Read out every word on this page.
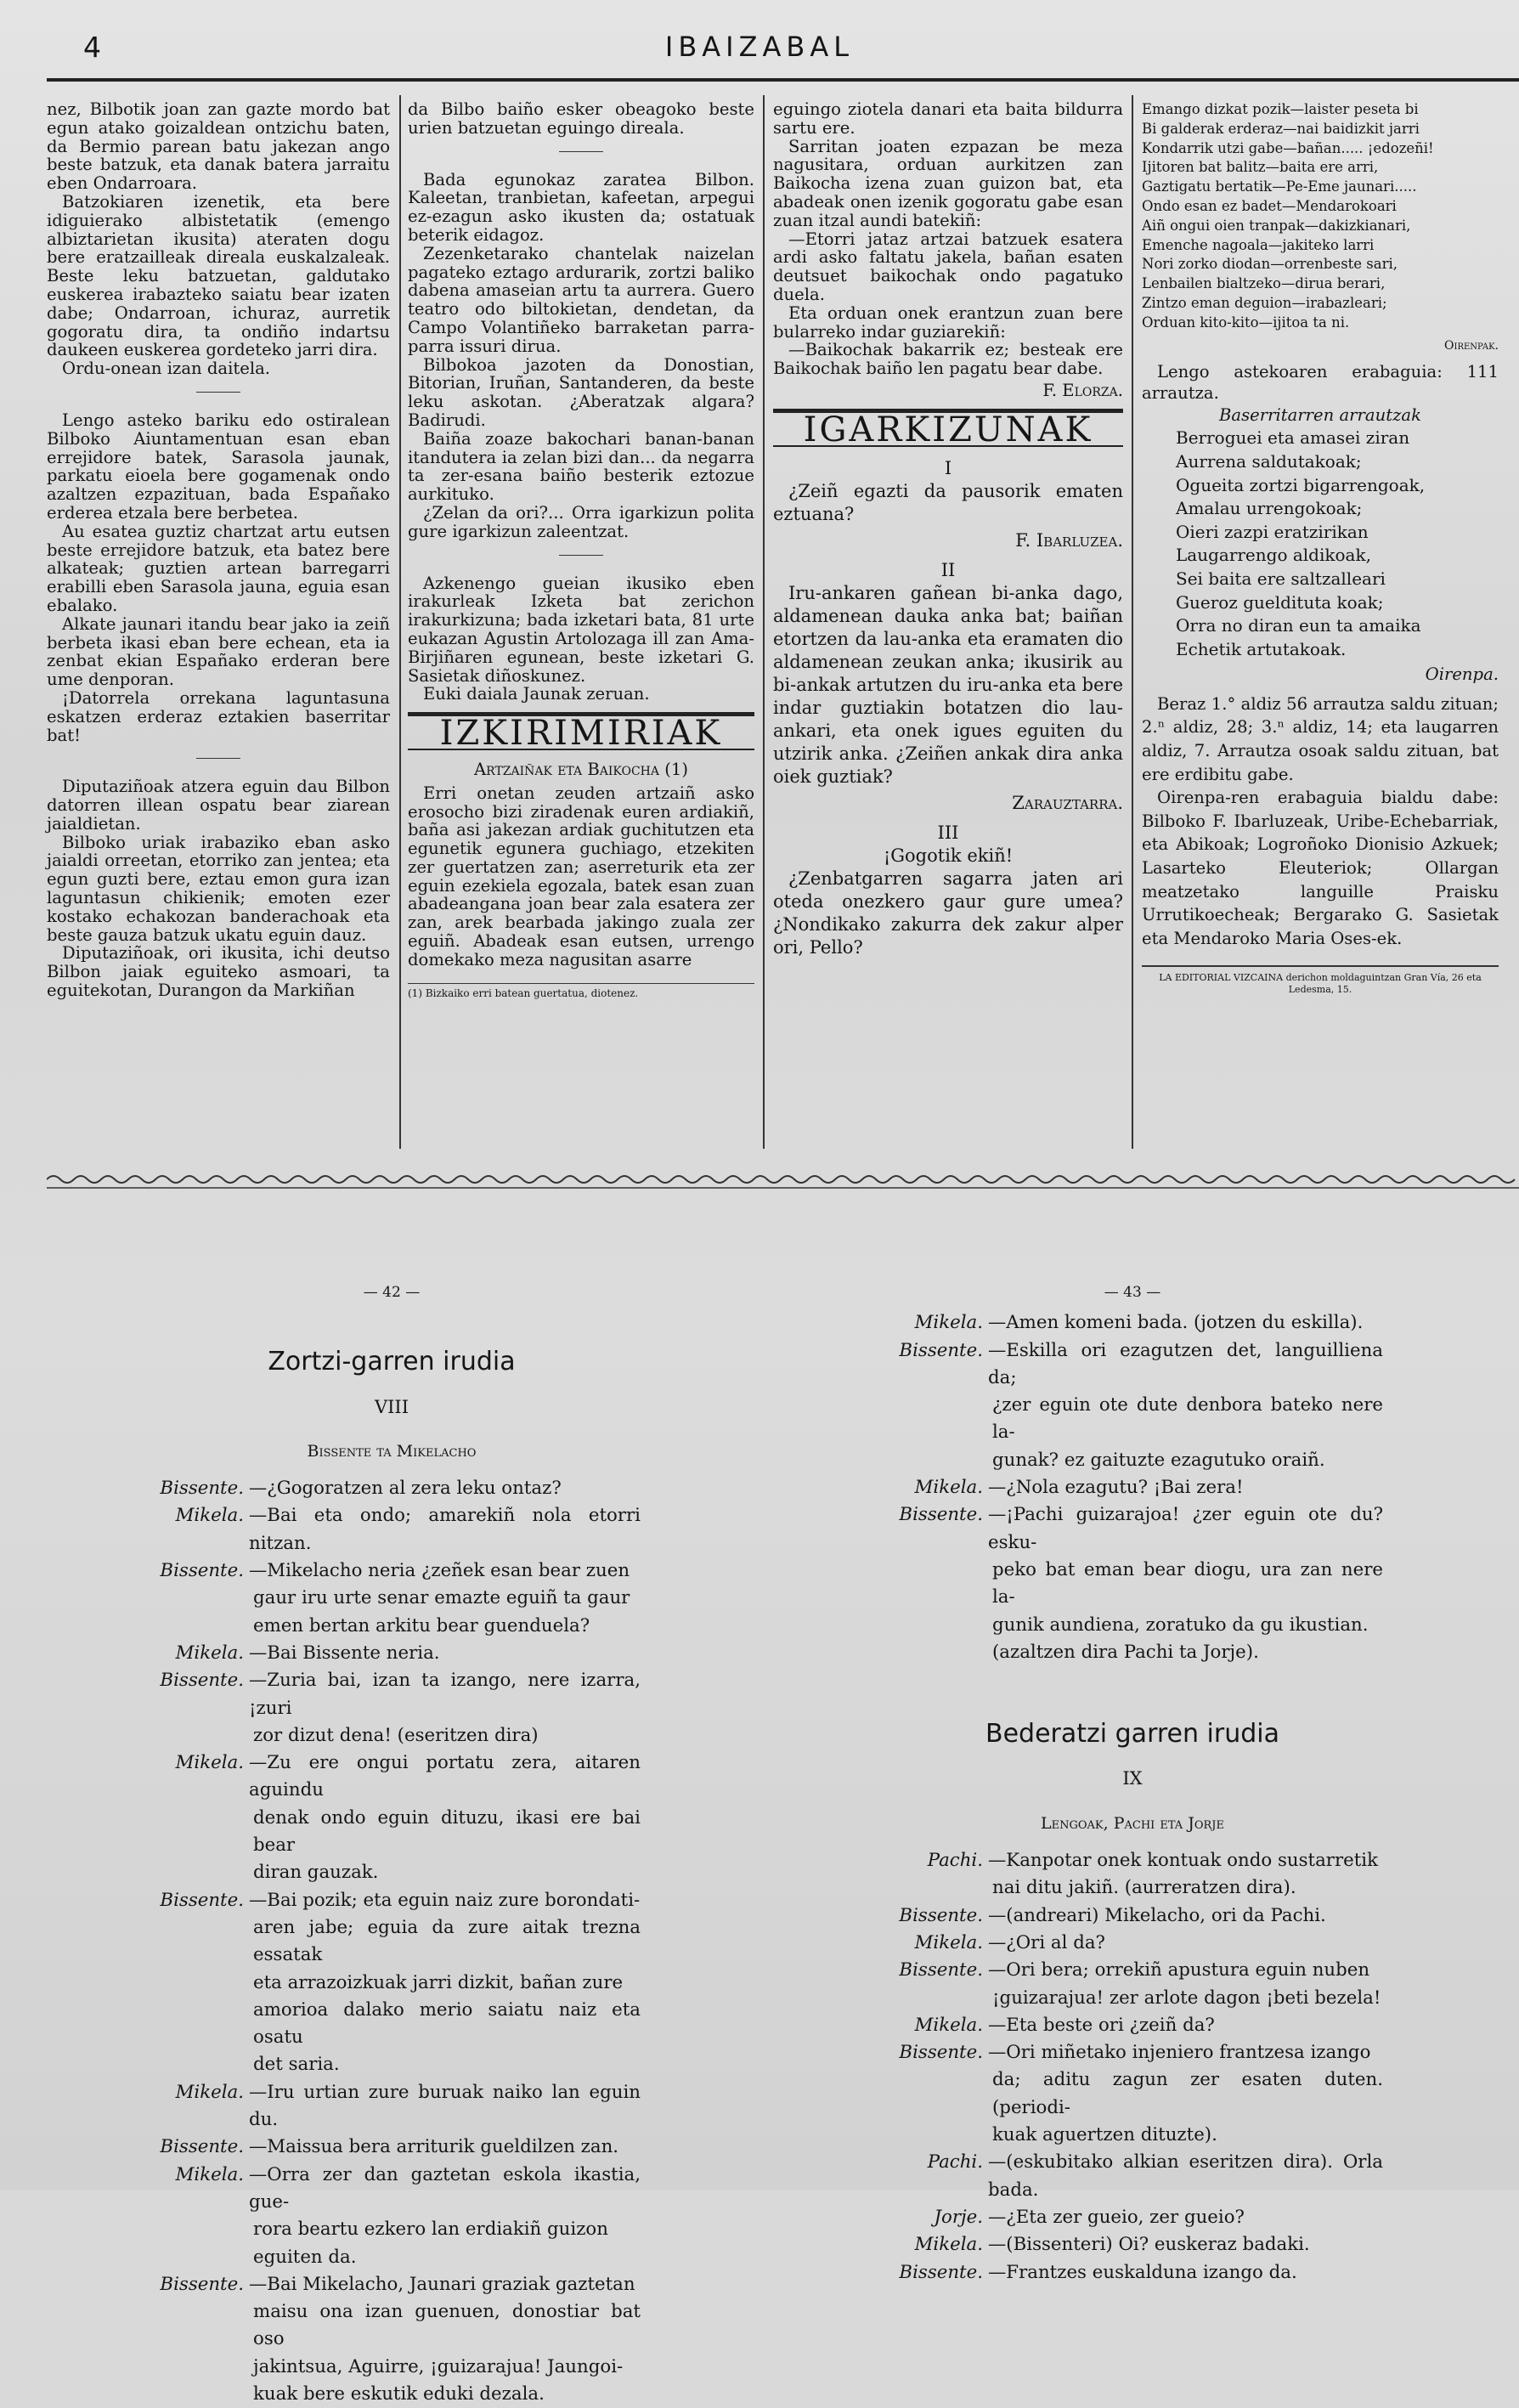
4	IBAIZABAL

nez, Bilbotik joan zan gazte mordo bat egun atako goizaldean ontzichu baten, da Bermio parean batu jakezan ango beste batzuk, eta danak batera jarraitu eben Ondarroara.

Batzokiaren izenetik, eta bere idiguierako albistetatik (emengo albiztarietan ikusita) ateraten dogu bere eratzailleak direala euskalzaleak. Beste leku batzuetan, galdutako euskerea irabazteko saiatu bear izaten dabe; Ondarroan, ichuraz, aurretik gogoratu dira, ta ondiño indartsu daukeen euskerea gordeteko jarri dira.

Ordu-onean izan daitela.

Lengo asteko bariku edo ostiralean Bilboko Aiuntamentuan esan eban errejidore batek, Sarasola jaunak, parkatu eioela bere gogamenak ondo azaltzen ezpazituan, bada Españako erderea etzala bere berbetea.

Au esatea guztiz chartzat artu eutsen beste errejidore batzuk, eta batez bere alkateak; guztien artean barregarri erabilli eben Sarasola jauna, eguia esan ebalako.

Alkate jaunari itandu bear jako ia zeiñ berbeta ikasi eban bere echean, eta ia zenbat ekian Españako erderan bere ume denporan.

¡Datorrela orrekana laguntasuna eskatzen erderaz eztakien baserritar bat!

Diputaziñoak atzera eguin dau Bilbon datorren illean ospatu bear ziarean jaialdietan.

Bilboko uriak irabaziko eban asko jaialdi orreetan, etorriko zan jentea; eta egun guzti bere, eztau emon gura izan laguntasun chikienik; emoten ezer kostako echakozan banderachoak eta beste gauza batzuk ukatu eguin dauz.

Diputaziñoak, ori ikusita, ichi deutso Bilbon jaiak eguiteko asmoari, ta eguitekotan, Durangon da Markiñan

da Bilbo baiño esker obeagoko beste urien batzuetan eguingo direala.

Bada egunokaz zaratea Bilbon. Kaleetan, tranbietan, kafeetan, arpegui ez-ezagun asko ikusten da; ostatuak beterik eidagoz.

Zezenketarako chantelak naizelan pagateko eztago ardurarik, zortzi baliko dabena amaseian artu ta aurrera. Guero teatro odo biltokietan, dendetan, da Campo Volantiñeko barraketan parra-parra issuri dirua.

Bilbokoa jazoten da Donostian, Bitorian, Iruñan, Santanderen, da beste leku askotan. ¿Aberatzak algara? Badirudi.

Baiña zoaze bakochari banan-banan itandutera ia zelan bizi dan... da negarra ta zer-esana baiño besterik eztozue aurkituko.

¿Zelan da ori?... Orra igarkizun polita gure igarkizun zaleentzat.

Azkenengo gueian ikusiko eben irakurleak Izketa bat zerichon irakurkizuna; bada izketari bata, 81 urte eukazan Agustin Artolozaga ill zan Ama-Birjiñaren egunean, beste izketari G. Sasietak diñoskunez.

Euki daiala Jaunak zeruan.

IZKIRIMIRIAK

Artzaiñak eta Baikocha (1)

Erri onetan zeuden artzaiñ asko erosocho bizi ziradenak euren ardiakiñ, baña asi jakezan ardiak guchitutzen eta egunetik egunera guchiago, etzekiten zer guertatzen zan; aserreturik eta zer eguin ezekiela egozala, batek esan zuan abadeangana joan bear zala esatera zer zan, arek bearbada jakingo zuala zer eguiñ. Abadeak esan eutsen, urrengo domekako meza nagusitan asarre

(1) Bizkaiko erri batean guertatua, diotenez.

eguingo ziotela danari eta baita bildurra sartu ere.

Sarritan joaten ezpazan be meza nagusitara, orduan aurkitzen zan Baikocha izena zuan guizon bat, eta abadeak onen izenik gogoratu gabe esan zuan itzal aundi batekiñ:

—Etorri jataz artzai batzuek esatera ardi asko faltatu jakela, bañan esaten deutsuet baikochak ondo pagatuko duela.

Eta orduan onek erantzun zuan bere bularreko indar guziarekiñ:

—Baikochak bakarrik ez; besteak ere Baikochak baiño len pagatu bear dabe.

F. Elorza.
IGARKIZUNAK

I

¿Zeiñ egazti da pausorik ematen eztuana?

F. Ibarluzea.

II

Iru-ankaren gañean bi-anka dago, aldamenean dauka anka bat; baiñan etortzen da lau-anka eta eramaten dio aldamenean zeukan anka; ikusirik au bi-ankak artutzen du iru-anka eta bere indar guztiakin botatzen dio lau-ankari, eta onek igues eguiten du utzirik anka. ¿Zeiñen ankak dira anka oiek guztiak?

Zarauztarra.

III

¡Gogotik ekiñ!

¿Zenbatgarren sagarra jaten ari oteda onezkero gaur gure umea? ¿Nondikako zakurra dek zakur alper ori, Pello?

Emango dizkat pozik—laister peseta bi
Bi galderak erderaz—nai baidizkit jarri
Kondarrik utzi gabe—bañan..... ¡edozeñi!
Ijitoren bat balitz—baita ere arri,
Gaztigatu bertatik—Pe-Eme jaunari.....
Ondo esan ez badet—Mendarokoari
Aiñ ongui oien tranpak—dakizkianari,
Emenche nagoala—jakiteko larri
Nori zorko diodan—orrenbeste sari,
Lenbailen bialtzeko—dirua berari,
Zintzo eman deguion—irabazleari;
Orduan kito-kito—ijitoa ta ni.
Oirenpak.

Lengo astekoaren erabaguia: 111 arrautza.

Baserritarren arrautzak
Berroguei eta amasei ziran
Aurrena saldutakoak;
Ogueita zortzi bigarrengoak,
Amalau urrengokoak;
Oieri zazpi eratzirikan
Laugarrengo aldikoak,
Sei baita ere saltzalleari
Gueroz gueldituta koak;
Orra no diran eun ta amaika
Echetik artutakoak.
Oirenpa.

Beraz 1.° aldiz 56 arrautza saldu zituan; 2.ⁿ aldiz, 28; 3.ⁿ aldiz, 14; eta laugarren aldiz, 7. Arrautza osoak saldu zituan, bat ere erdibitu gabe.

Oirenpa-ren erabaguia bialdu dabe: Bilboko F. Ibarluzeak, Uribe-Echebarriak, eta Abikoak; Logroñoko Dionisio Azkuek; Lasarteko Eleuteriok; Ollargan meatzetako languille Praisku Urrutikoecheak; Bergarako G. Sasietak eta Mendaroko Maria Oses-ek.

LA EDITORIAL VIZCAINA derichon moldaguintzan Gran Vía, 26 eta Ledesma, 15.
— 42 —
Zortzi-garren irudia
VIII
Bissente ta Mikelacho
Bissente. —¿Gogoratzen al zera leku ontaz?
Mikela. —Bai eta ondo; amarekiñ nola etorri nitzan.
Bissente. —Mikelacho neria ¿zeñek esan bear zuen
gaur iru urte senar emazte eguiñ ta gaur
emen bertan arkitu bear guenduela?
Mikela. —Bai Bissente neria.
Bissente. —Zuria bai, izan ta izango, nere izarra, ¡zuri
zor dizut dena! (eseritzen dira)
Mikela. —Zu ere ongui portatu zera, aitaren aguindu
denak ondo eguin dituzu, ikasi ere bai bear
diran gauzak.
Bissente. —Bai pozik; eta eguin naiz zure borondati-
aren jabe; eguia da zure aitak trezna essatak
eta arrazoizkuak jarri dizkit, bañan zure
amorioa dalako merio saiatu naiz eta osatu
det saria.
Mikela. —Iru urtian zure buruak naiko lan eguin du.
Bissente. —Maissua bera arriturik gueldilzen zan.
Mikela. —Orra zer dan gaztetan eskola ikastia, gue-
rora beartu ezkero lan erdiakiñ guizon
eguiten da.
Bissente. —Bai Mikelacho, Jaunari graziak gaztetan
maisu ona izan guenuen, donostiar bat oso
jakintsua, Aguirre, ¡guizarajua! Jaungoi-
kuak bere eskutik eduki dezala.
— 43 —
Mikela. —Amen komeni bada. (jotzen du eskilla).
Bissente. —Eskilla ori ezagutzen det, languilliena da;
¿zer eguin ote dute denbora bateko nere la-
gunak? ez gaituzte ezagutuko oraiñ.
Mikela. —¿Nola ezagutu? ¡Bai zera!
Bissente. —¡Pachi guizarajoa! ¿zer eguin ote du? esku-
peko bat eman bear diogu, ura zan nere la-
gunik aundiena, zoratuko da gu ikustian.
(azaltzen dira Pachi ta Jorje).
Bederatzi garren irudia
IX
Lengoak, Pachi eta Jorje
Pachi. —Kanpotar onek kontuak ondo sustarretik
nai ditu jakiñ. (aurreratzen dira).
Bissente. —(andreari) Mikelacho, ori da Pachi.
Mikela. —¿Ori al da?
Bissente. —Ori bera; orrekiñ apustura eguin nuben
¡guizarajua! zer arlote dagon ¡beti bezela!
Mikela. —Eta beste ori ¿zeiñ da?
Bissente. —Ori miñetako injeniero frantzesa izango
da; aditu zagun zer esaten duten. (periodi-
kuak aguertzen dituzte).
Pachi. —(eskubitako alkian eseritzen dira). Orla bada.
Jorje. —¿Eta zer gueio, zer gueio?
Mikela. —(Bissenteri) Oi? euskeraz badaki.
Bissente. —Frantzes euskalduna izango da.
